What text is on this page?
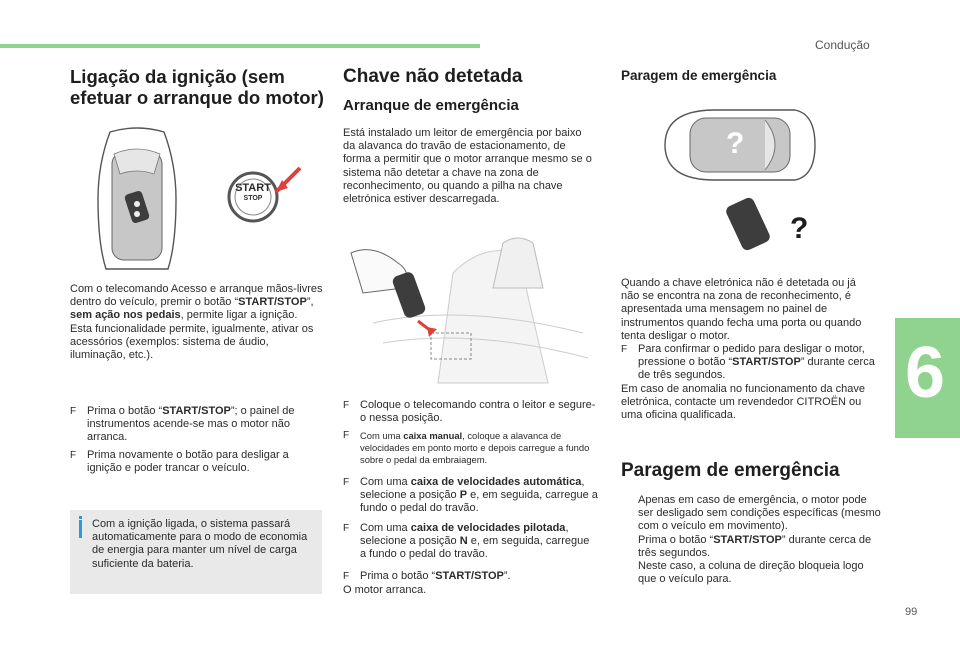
Condução
6
99
Ligação da ignição (sem efetuar o arranque do motor)
START
STOP
Com o telecomando Acesso e arranque mãos-livres dentro do veículo, premir o botão “START/STOP”, sem ação nos pedais, permite ligar a ignição.
Esta funcionalidade permite, igualmente, ativar os acessórios (exemplos: sistema de áudio, iluminação, etc.).
F Prima o botão “START/STOP”; o painel de instrumentos acende-se mas o motor não arranca.
F Prima novamente o botão para desligar a ignição e poder trancar o veículo.
Com a ignição ligada, o sistema passará automaticamente para o modo de economia de energia para manter um nível de carga suficiente da bateria.
Chave não detetada
Arranque de emergência
Está instalado um leitor de emergência por baixo da alavanca do travão de estacionamento, de forma a permitir que o motor arranque mesmo se o sistema não detetar a chave na zona de reconhecimento, ou quando a pilha na chave eletrónica estiver descarregada.
F Coloque o telecomando contra o leitor e segure-o nessa posição.
F	Com uma caixa manual, coloque a alavanca de velocidades em ponto morto e depois carregue a fundo sobre o pedal da embraiagem.
F Com uma caixa de velocidades automática, selecione a posição P e, em seguida, carregue a fundo o pedal do travão.
F Com uma caixa de velocidades pilotada, selecione a posição N e, em seguida, carregue a fundo o pedal do travão.
F Prima o botão “START/STOP”.
O motor arranca.
Paragem de emergência
?
?
Quando a chave eletrónica não é detetada ou já não se encontra na zona de reconhecimento, é apresentada uma mensagem no painel de instrumentos quando fecha uma porta ou quando tenta desligar o motor.
F Para confirmar o pedido para desligar o motor, pressione o botão “START/STOP” durante cerca de três segundos.
Em caso de anomalia no funcionamento da chave eletrónica, contacte um revendedor CITROËN ou uma oficina qualificada.
Paragem de emergência
Apenas em caso de emergência, o motor pode ser desligado sem condições específicas (mesmo com o veículo em movimento).
Prima o botão “START/STOP” durante cerca de três segundos.
Neste caso, a coluna de direção bloqueia logo que o veículo para.
